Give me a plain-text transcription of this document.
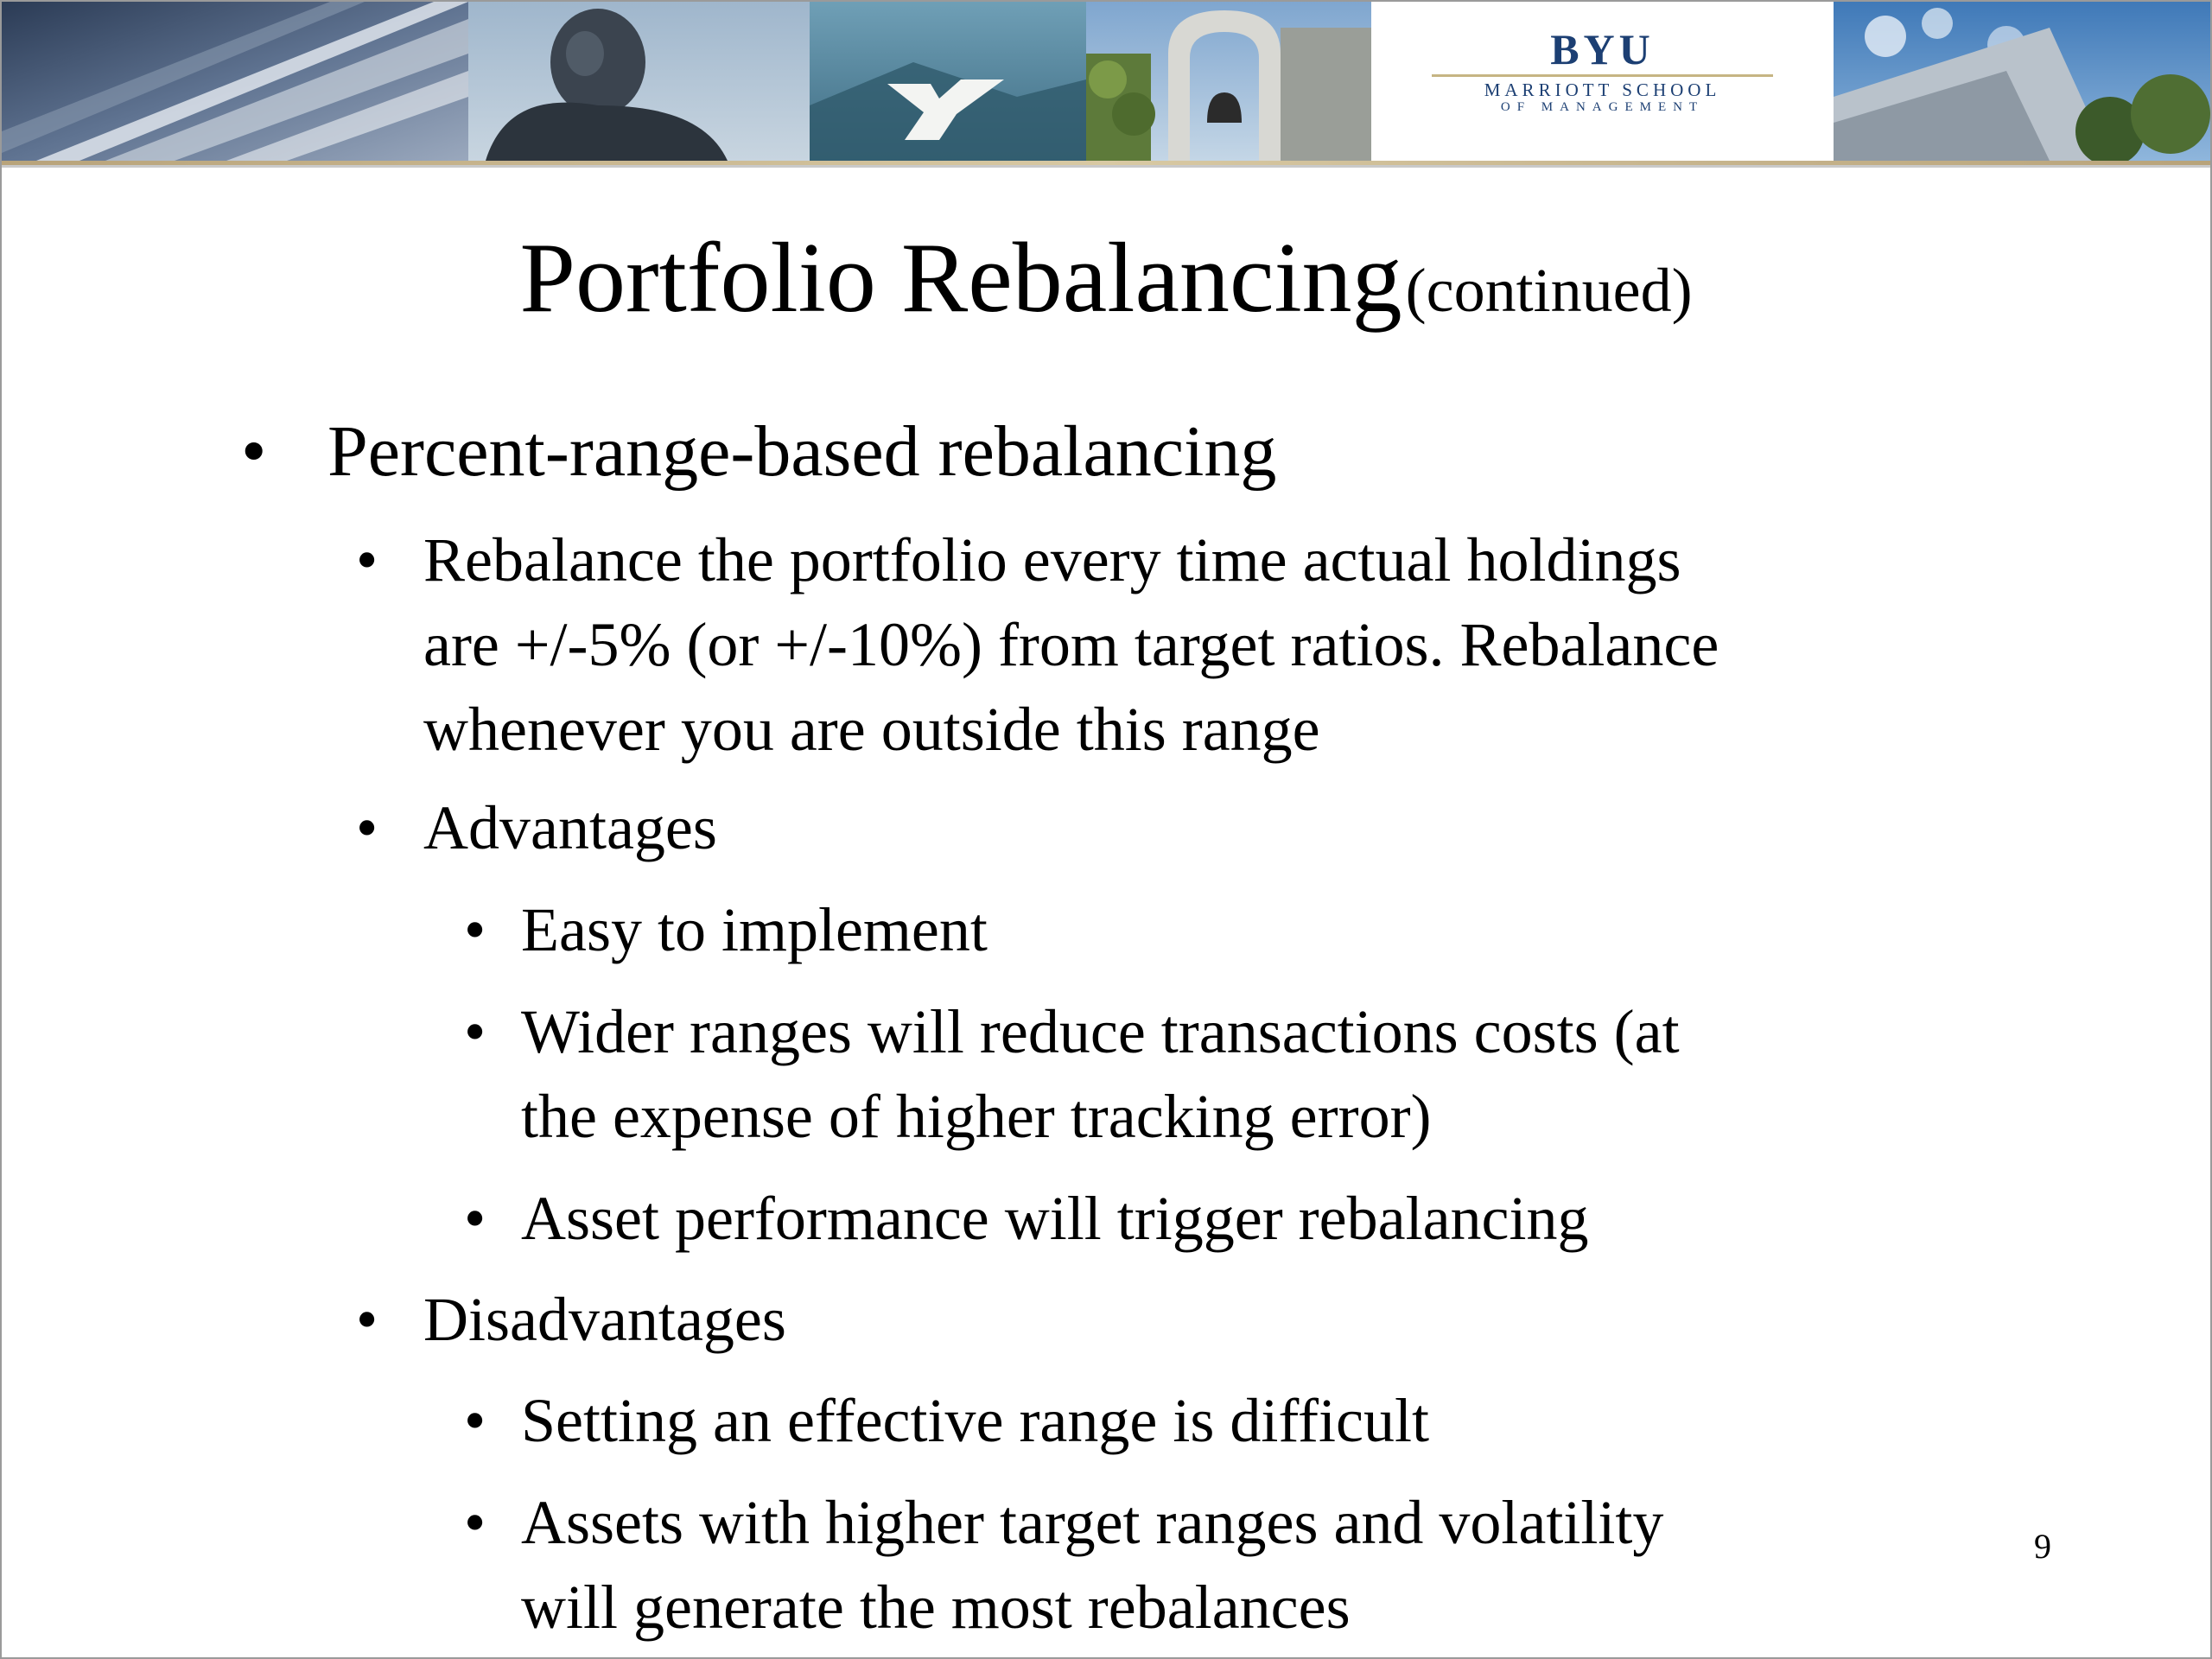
BYU
MARRIOTT SCHOOL
OF MANAGEMENT
Portfolio Rebalancing (continued)
• Percent-range-based rebalancing
• Rebalance the portfolio every time actual holdings
are +/-5% (or +/-10%) from target ratios. Rebalance
whenever you are outside this range
• Advantages
• Easy to implement
• Wider ranges will reduce transactions costs (at
the expense of higher tracking error)
• Asset performance will trigger rebalancing
• Disadvantages
• Setting an effective range is difficult
• Assets with higher target ranges and volatility
will generate the most rebalances
9
